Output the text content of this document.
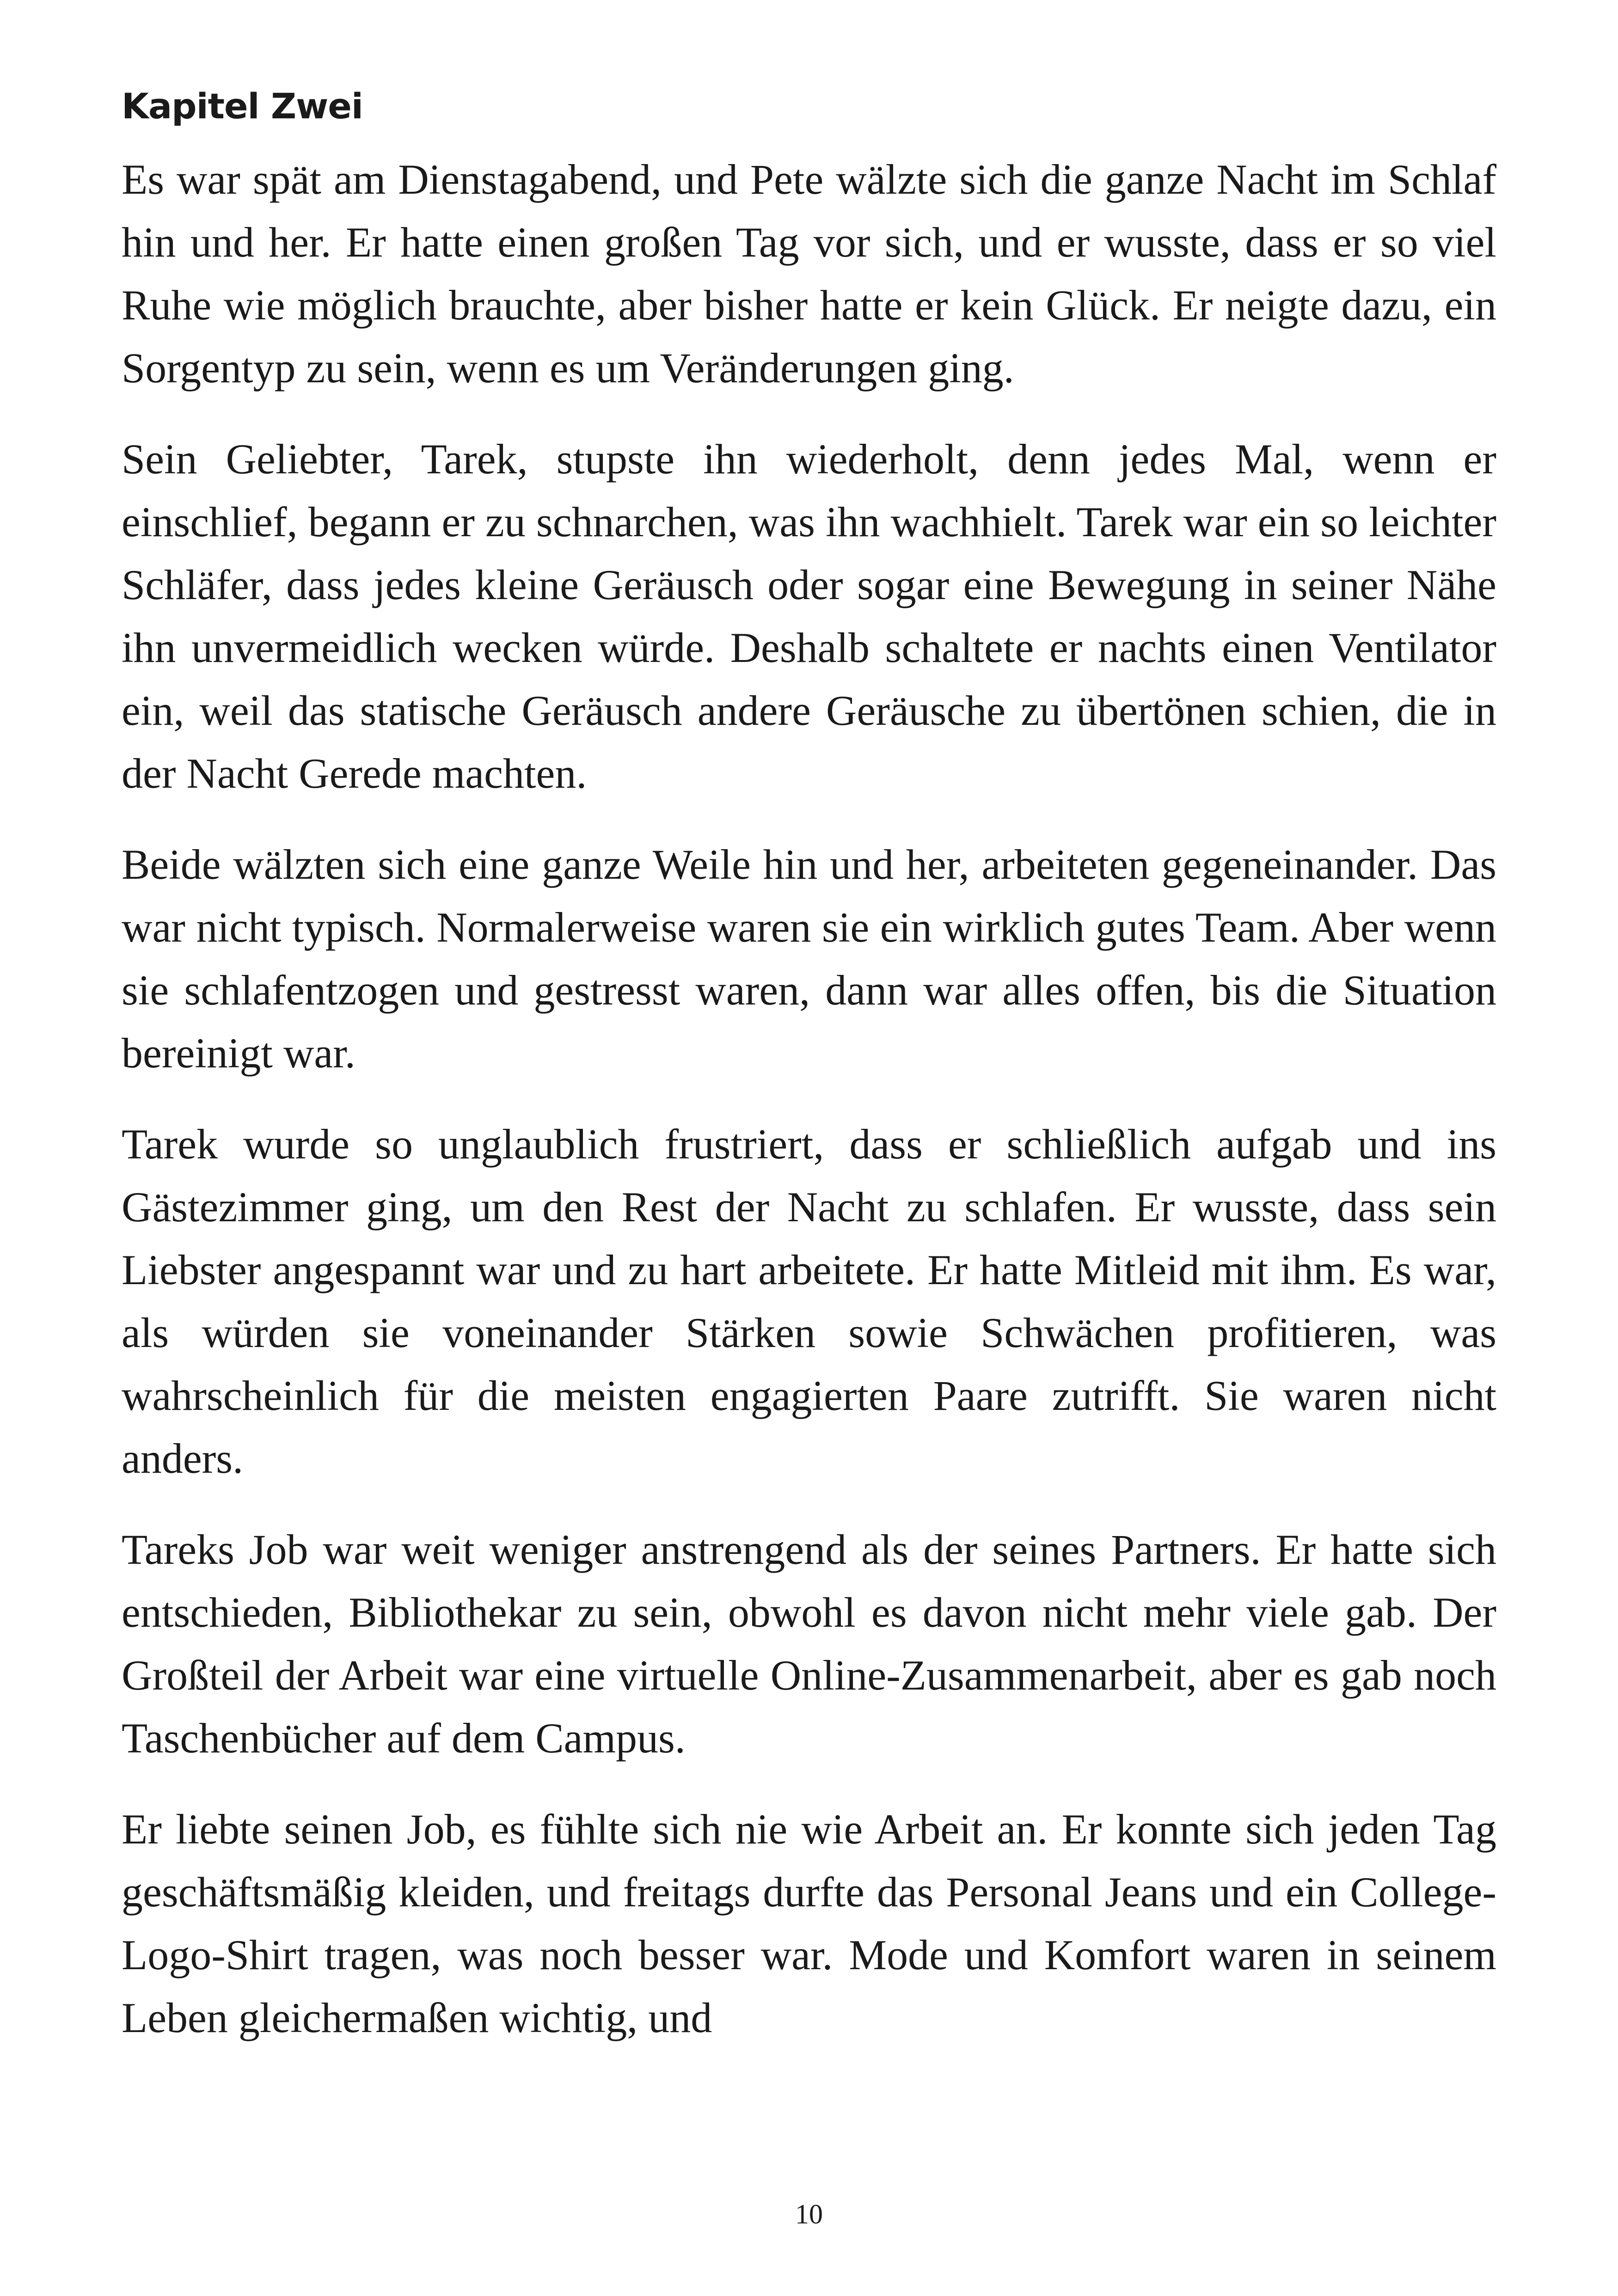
Kapitel Zwei

Es war spät am Dienstagabend, und Pete wälzte sich die ganze Nacht im Schlaf hin und her. Er hatte einen großen Tag vor sich, und er wusste, dass er so viel Ruhe wie möglich brauchte, aber bisher hatte er kein Glück. Er neigte dazu, ein Sorgentyp zu sein, wenn es um Veränderungen ging.

Sein Geliebter, Tarek, stupste ihn wiederholt, denn jedes Mal, wenn er einschlief, begann er zu schnarchen, was ihn wachhielt. Tarek war ein so leichter Schläfer, dass jedes kleine Geräusch oder sogar eine Bewegung in seiner Nähe ihn unvermeidlich wecken würde. Deshalb schaltete er nachts einen Ventilator ein, weil das statische Geräusch andere Geräusche zu übertönen schien, die in der Nacht Gerede machten.

Beide wälzten sich eine ganze Weile hin und her, arbeiteten gegeneinander. Das war nicht typisch. Normalerweise waren sie ein wirklich gutes Team. Aber wenn sie schlafentzogen und gestresst waren, dann war alles offen, bis die Situation bereinigt war.

Tarek wurde so unglaublich frustriert, dass er schließlich aufgab und ins Gästezimmer ging, um den Rest der Nacht zu schlafen. Er wusste, dass sein Liebster angespannt war und zu hart arbeitete. Er hatte Mitleid mit ihm. Es war, als würden sie voneinander Stärken sowie Schwächen profitieren, was wahrscheinlich für die meisten engagierten Paare zutrifft. Sie waren nicht anders.

Tareks Job war weit weniger anstrengend als der seines Partners. Er hatte sich entschieden, Bibliothekar zu sein, obwohl es davon nicht mehr viele gab. Der Großteil der Arbeit war eine virtuelle Online-Zusammenarbeit, aber es gab noch Taschenbücher auf dem Campus.

Er liebte seinen Job, es fühlte sich nie wie Arbeit an. Er konnte sich jeden Tag geschäftsmäßig kleiden, und freitags durfte das Personal Jeans und ein College-Logo-Shirt tragen, was noch besser war. Mode und Komfort waren in seinem Leben gleichermaßen wichtig, und

10
